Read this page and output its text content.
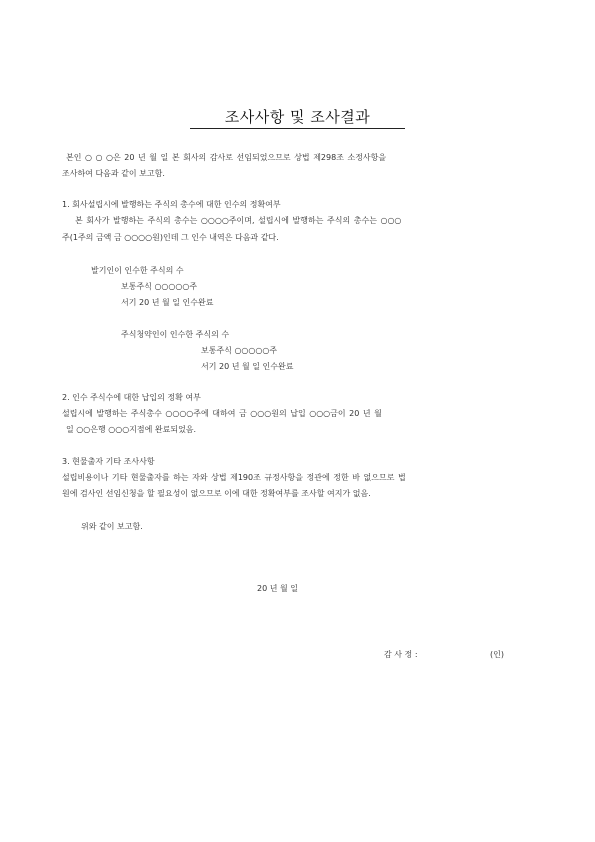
조사사항 및 조사결과
본인 ○ ○ ○은 20 년 월 일 본 회사의 감사로 선임되었으므로 상법 제298조 소정사항을
조사하여 다음과 같이 보고함.
1. 회사설립시에 발행하는 주식의 총수에 대한 인수의 정확여부
본 회사가 발행하는 주식의 총수는 ○○○○주이며, 설립시에 발행하는 주식의 총수는 ○○○
주(1주의 금액 금 ○○○○원)인데 그 인수 내역은 다음과 같다.
발기인이 인수한 주식의 수
보통주식 ○○○○○주
서기 20 년 월 일 인수완료
주식청약인이 인수한 주식의 수
보통주식 ○○○○○주
서기 20 년 월 일 인수완료
2. 인수 주식수에 대한 납입의 정확 여부
설립시에 발행하는 주식총수 ○○○○주에 대하여 금 ○○○원의 납입 ○○○금이 20 년 월
일 ○○은행 ○○○지점에 완료되었음.
3. 현물출자 기타 조사사항
설립비용이나 기타 현물출자를 하는 자와 상법 제190조 규정사항을 정관에 정한 바 없으므로 법
원에 검사인 선임신청을 할 필요성이 없으므로 이에 대한 정확여부를 조사할 여지가 없음.
위와 같이 보고함.
20 년 월 일
감 사 정 :	(인)
